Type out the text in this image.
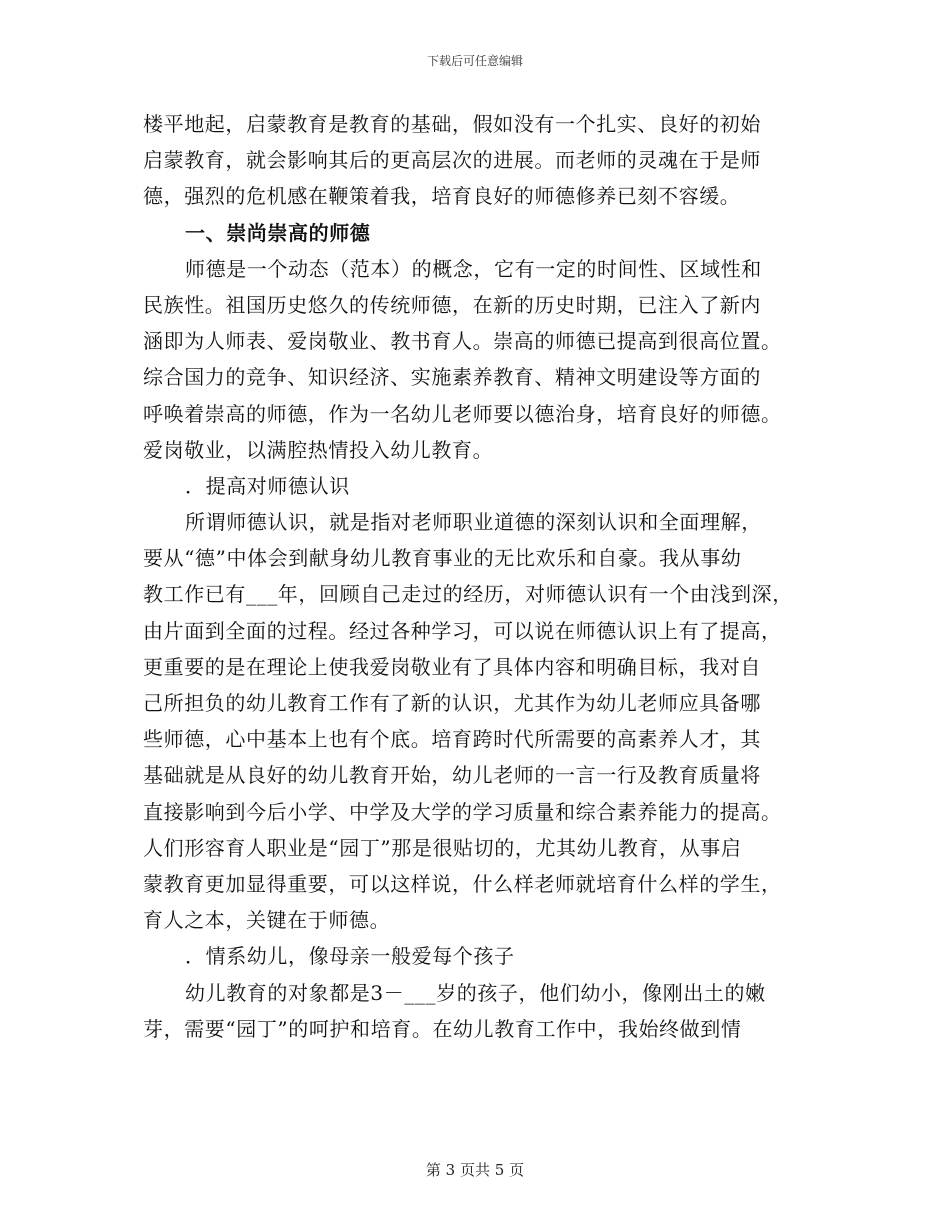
下载后可任意编辑
楼平地起，启蒙教育是教育的基础，假如没有一个扎实、良好的初始
启蒙教育，就会影响其后的更高层次的进展。而老师的灵魂在于是师
德，强烈的危机感在鞭策着我，培育良好的师德修养已刻不容缓。
一、崇尚崇高的师德
师德是一个动态（范本）的概念，它有一定的时间性、区域性和
民族性。祖国历史悠久的传统师德，在新的历史时期，已注入了新内
涵即为人师表、爱岗敬业、教书育人。崇高的师德已提高到很高位置。
综合国力的竞争、知识经济、实施素养教育、精神文明建设等方面的
呼唤着崇高的师德，作为一名幼儿老师要以德治身，培育良好的师德。
爱岗敬业，以满腔热情投入幼儿教育。
．提高对师德认识
所谓师德认识，就是指对老师职业道德的深刻认识和全面理解，
要从“德”中体会到献身幼儿教育事业的无比欢乐和自豪。我从事幼
教工作已有___年，回顾自己走过的经历，对师德认识有一个由浅到深，
由片面到全面的过程。经过各种学习，可以说在师德认识上有了提高，
更重要的是在理论上使我爱岗敬业有了具体内容和明确目标，我对自
己所担负的幼儿教育工作有了新的认识，尤其作为幼儿老师应具备哪
些师德，心中基本上也有个底。培育跨时代所需要的高素养人才，其
基础就是从良好的幼儿教育开始，幼儿老师的一言一行及教育质量将
直接影响到今后小学、中学及大学的学习质量和综合素养能力的提高。
人们形容育人职业是“园丁”那是很贴切的，尤其幼儿教育，从事启
蒙教育更加显得重要，可以这样说，什么样老师就培育什么样的学生，
育人之本，关键在于师德。
．情系幼儿，像母亲一般爱每个孩子
幼儿教育的对象都是3－___岁的孩子，他们幼小，像刚出土的嫩
芽，需要“园丁”的呵护和培育。在幼儿教育工作中，我始终做到情
第 3 页共 5 页
